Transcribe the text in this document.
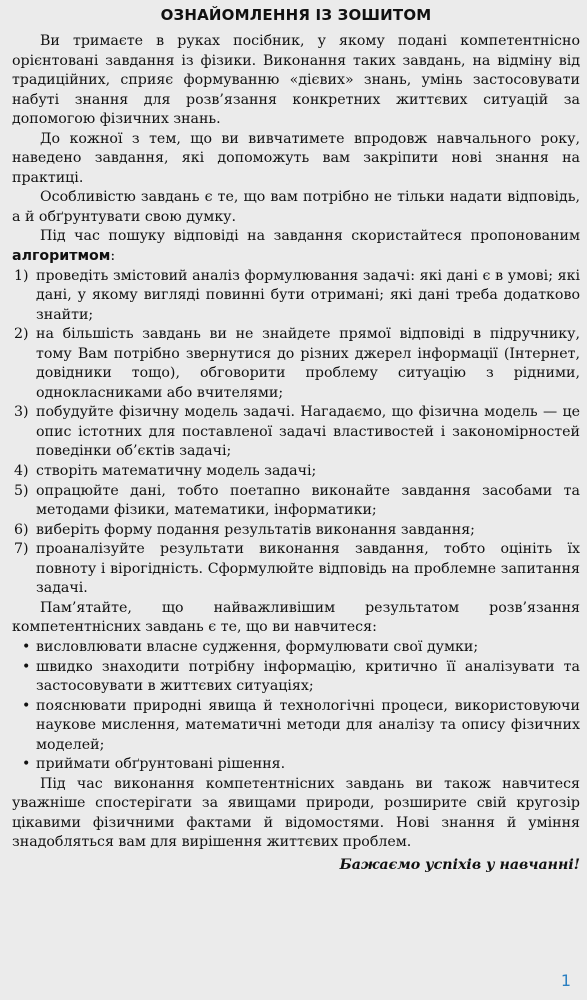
ОЗНАЙОМЛЕННЯ ІЗ ЗОШИТОМ

Ви тримаєте в руках посібник, у якому подані компетентнісно орієнтовані завдання із фізики. Виконання таких завдань, на відміну від традиційних, сприяє формуванню «дієвих» знань, умінь застосовувати набуті знання для розв’язання конкретних життєвих ситуацій за допомогою фізичних знань.

До кожної з тем, що ви вивчатимете впродовж навчального року, наведено завдання, які допоможуть вам закріпити нові знання на практиці.

Особливістю завдань є те, що вам потрібно не тільки надати відповідь, а й обґрунтувати свою думку.

Під час пошуку відповіді на завдання скористайтеся пропонованим алгоритмом:

1) проведіть змістовий аналіз формулювання задачі: які дані є в умові; які дані, у якому вигляді повинні бути отримані; які дані треба додатково знайти;
2) на більшість завдань ви не знайдете прямої відповіді в підручнику, тому Вам потрібно звернутися до різних джерел інформації (Інтернет, довідники тощо), обговорити проблему ситуацію з рідними, однокласниками або вчителями;
3) побудуйте фізичну модель задачі. Нагадаємо, що фізична модель — це опис істотних для поставленої задачі властивостей і закономірностей поведінки об’єктів задачі;
4) створіть математичну модель задачі;
5) опрацюйте дані, тобто поетапно виконайте завдання засобами та методами фізики, математики, інформатики;
6) виберіть форму подання результатів виконання завдання;
7) проаналізуйте результати виконання завдання, тобто оцініть їх повноту і вірогідність. Сформулюйте відповідь на проблемне запитання задачі.

Пам’ятайте, що найважливішим результатом розв’язання компетентнісних завдань є те, що ви навчитеся:

• висловлювати власне судження, формулювати свої думки;
• швидко знаходити потрібну інформацію, критично її аналізувати та застосовувати в життєвих ситуаціях;
• пояснювати природні явища й технологічні процеси, використовуючи наукове мислення, математичні методи для аналізу та опису фізичних моделей;
• приймати обґрунтовані рішення.

Під час виконання компетентнісних завдань ви також навчитеся уважніше спостерігати за явищами природи, розширите свій кругозір цікавими фізичними фактами й відомостями. Нові знання й уміння знадобляться вам для вирішення життєвих проблем.

Бажаємо успіхів у навчанні!
1
